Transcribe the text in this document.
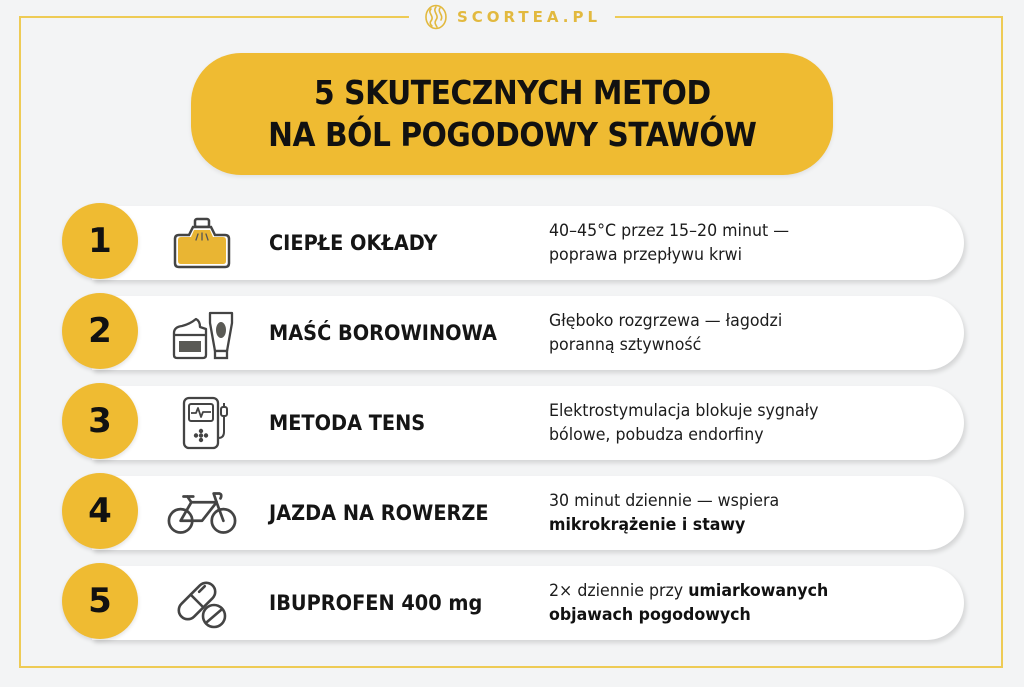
SCORTEA.PL
5 SKUTECZNYCH METOD
NA BÓL POGODOWY STAWÓW
1	CIEPŁE OKŁADY	40–45°C przez 15–20 minut —
poprawa przepływu krwi
2	MAŚĆ BOROWINOWA	Głęboko rozgrzewa — łagodzi
poranną sztywność
3	METODA TENS	Elektrostymulacja blokuje sygnały
bólowe, pobudza endorfiny
4	JAZDA NA ROWERZE	30 minut dziennie — wspiera
mikrokrążenie i stawy
5	IBUPROFEN 400 mg	2× dziennie przy umiarkowanych
objawach pogodowych
